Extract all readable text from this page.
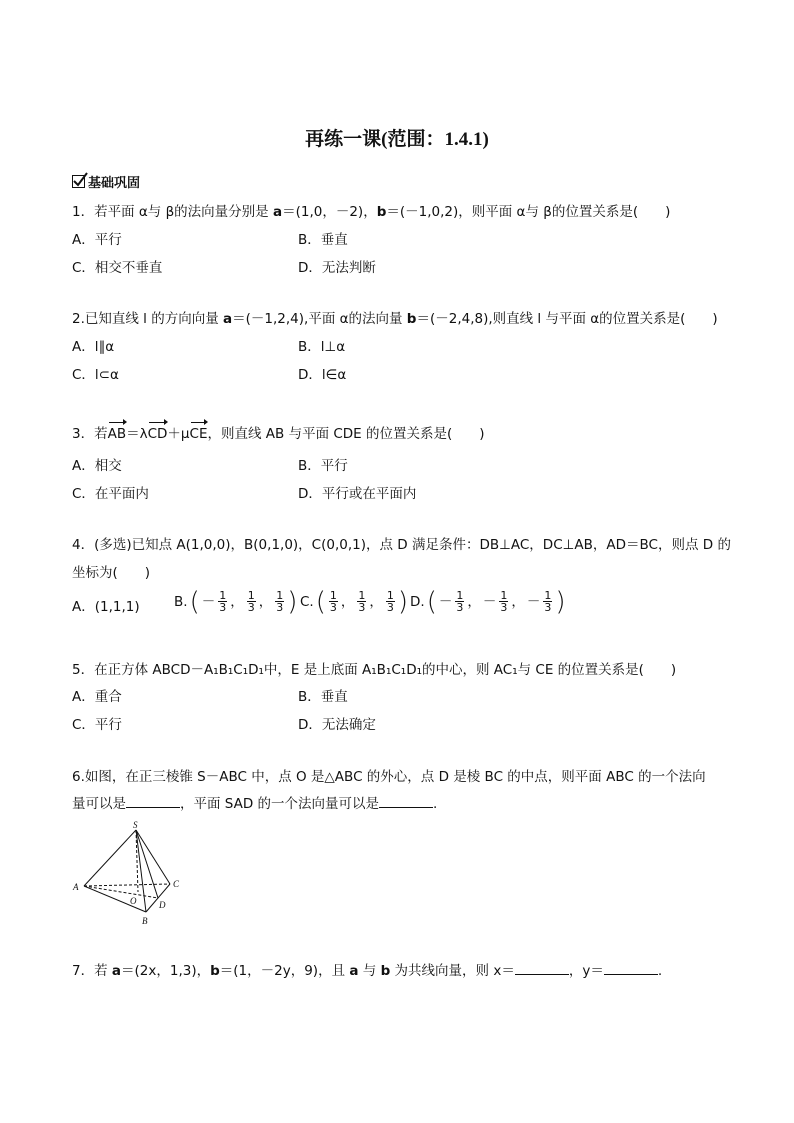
再练一课(范围：1.4.1)
基础巩固
1．若平面 α与 β的法向量分别是 a＝(1,0，－2)，b＝(－1,0,2)，则平面 α与 β的位置关系是(　　)
A．平行	B．垂直
C．相交不垂直	D．无法判断
2.已知直线 l 的方向向量 a＝(－1,2,4),平面 α的法向量 b＝(－2,4,8),则直线 l 与平面 α的位置关系是(　　)
A．l∥α	B．l⊥α
C．l⊂α	D．l∈α
3．若AB＝λCD＋μCE，则直线 AB 与平面 CDE 的位置关系是(　　)
A．相交	B．平行
C．在平面内	D．平行或在平面内
4．(多选)已知点 A(1,0,0)，B(0,1,0)，C(0,0,1)，点 D 满足条件：DB⊥AC，DC⊥AB，AD＝BC，则点 D 的
坐标为(　　)
A．(1,1,1)	B. ( － $\frac{1}{3}$ ， $\frac{1}{3}$ ， $\frac{1}{3}$ ) C. ( $\frac{1}{3}$ ， $\frac{1}{3}$ ， $\frac{1}{3}$ ) D. ( － $\frac{1}{3}$ ， － $\frac{1}{3}$ ， － $\frac{1}{3}$ )
5．在正方体 ABCD－A₁B₁C₁D₁中，E 是上底面 A₁B₁C₁D₁的中心，则 AC₁与 CE 的位置关系是(　　)
A．重合	B．垂直
C．平行	D．无法确定
6.如图，在正三棱锥 S－ABC 中，点 O 是△ABC 的外心，点 D 是棱 BC 的中点，则平面 ABC 的一个法向
量可以是	，平面 SAD 的一个法向量可以是	.
S
A	C
B
O	D
7．若 a＝(2x，1,3)，b＝(1，－2y，9)，且 a 与 b 为共线向量，则 x＝	，y＝	.
